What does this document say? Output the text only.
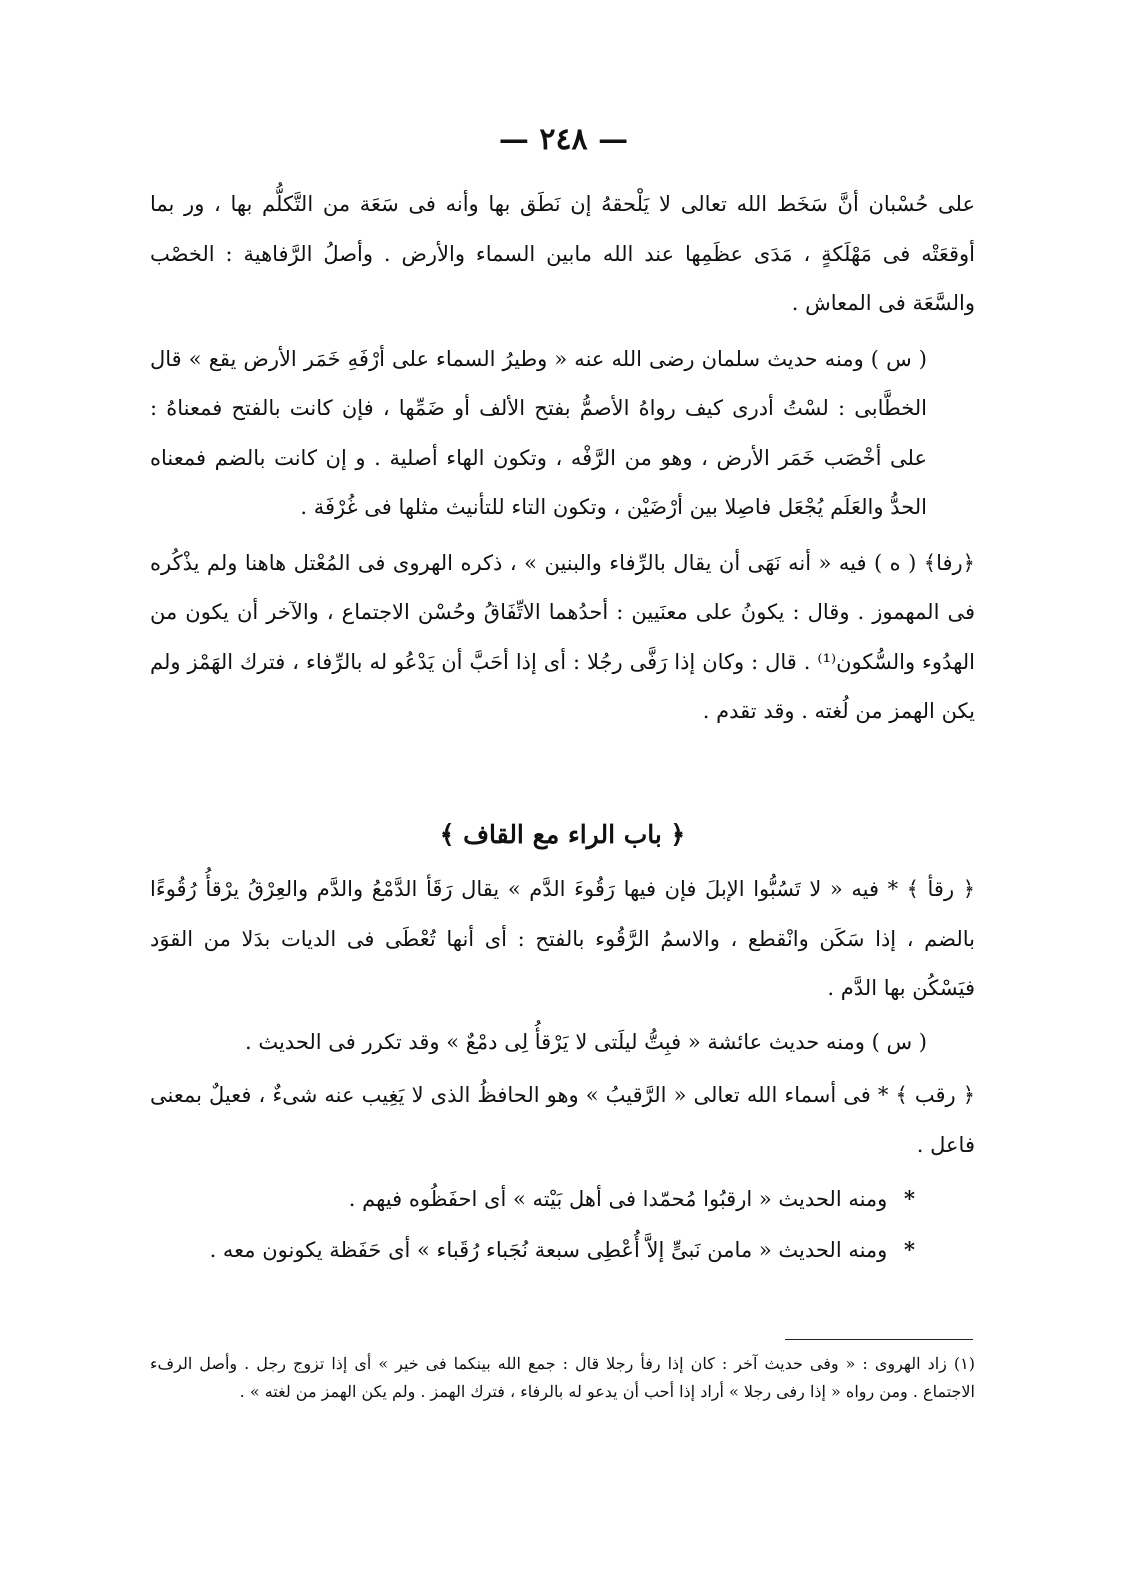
— ٢٤٨ —

على حُسْبان أنَّ سَخَط الله تعالى لا يَلْحقهُ إن نَطَق بها وأنه فى سَعَة من التَّكلُّم بها ، ور بما أوقعَتْه فى مَهْلَكةٍ ، مَدَى عظَمِها عند الله مابين السماء والأرض . وأصلُ الرَّفاهية : الخصْب والسَّعَة فى المعاش .

( س ) ومنه حديث سلمان رضى الله عنه « وطيرُ السماء على أرْفَهِ خَمَر الأرض يقع » قال الخطَّابى : لسْتُ أدرى كيف رواهُ الأصمُّ بفتح الألف أو ضَمِّها ، فإن كانت بالفتح فمعناهُ : على أخْصَب خَمَر الأرض ، وهو من الرَّفْه ، وتكون الهاء أصلية . و إن كانت بالضم فمعناه الحدُّ والعَلَم يُجْعَل فاصِلا بين أرْضَيْن ، وتكون التاء للتأنيث مثلها فى غُرْفَة .

﴿رفا﴾ ( ه ) فيه « أنه نَهَى أن يقال بالرِّفاء والبنين » ، ذكره الهروى فى المُعْتل هاهنا ولم يذْكُره فى المهموز . وقال : يكونُ على معنَيين : أحدُهما الاتِّفَاقُ وحُسْن الاجتماع ، والآخر أن يكون من الهدُوء والسُّكون⁽¹⁾ . قال : وكان إذا رَفَّى رجُلا : أى إذا أحَبَّ أن يَدْعُو له بالرِّفاء ، فترك الهَمْز ولم يكن الهمز من لُغته . وقد تقدم .

﴿ باب الراء مع القاف ﴾

﴿ رقأ ﴾ * فيه « لا تَسُبُّوا الإبلَ فإن فيها رَقُوءَ الدَّم » يقال رَقَأ الدَّمْعُ والدَّم والعِرْقُ يرْقأُ رُقُوءًا بالضم ، إذا سَكَن وانْقطع ، والاسمُ الرَّقُوء بالفتح : أى أنها تُعْطَى فى الديات بدَلا من القوَد فيَسْكُن بها الدَّم .

( س ) ومنه حديث عائشة « فبِتُّ ليلَتى لا يَرْقأُ لِى دمْعٌ » وقد تكرر فى الحديث .

﴿ رقب ﴾ * فى أسماء الله تعالى « الرَّقيبُ » وهو الحافظُ الذى لا يَغِيب عنه شىءٌ ، فعيلٌ بمعنى فاعل .

* ومنه الحديث « ارقبُوا مُحمّدا فى أهل بَيْته » أى احفَظُوه فيهم .

* ومنه الحديث « مامن نَبىٍّ إلاَّ أُعْطِى سبعة نُجَباء رُقَباء » أى حَفَظة يكونون معه .

(١) زاد الهروى : « وفى حديث آخر : كان إذا رفأ رجلا قال : جمع الله بينكما فى خير » أى إذا تزوج رجل . وأصل الرفء الاجتماع . ومن رواه « إذا رفى رجلا » أراد إذا أحب أن يدعو له بالرفاء ، فترك الهمز . ولم يكن الهمز من لغته » .
